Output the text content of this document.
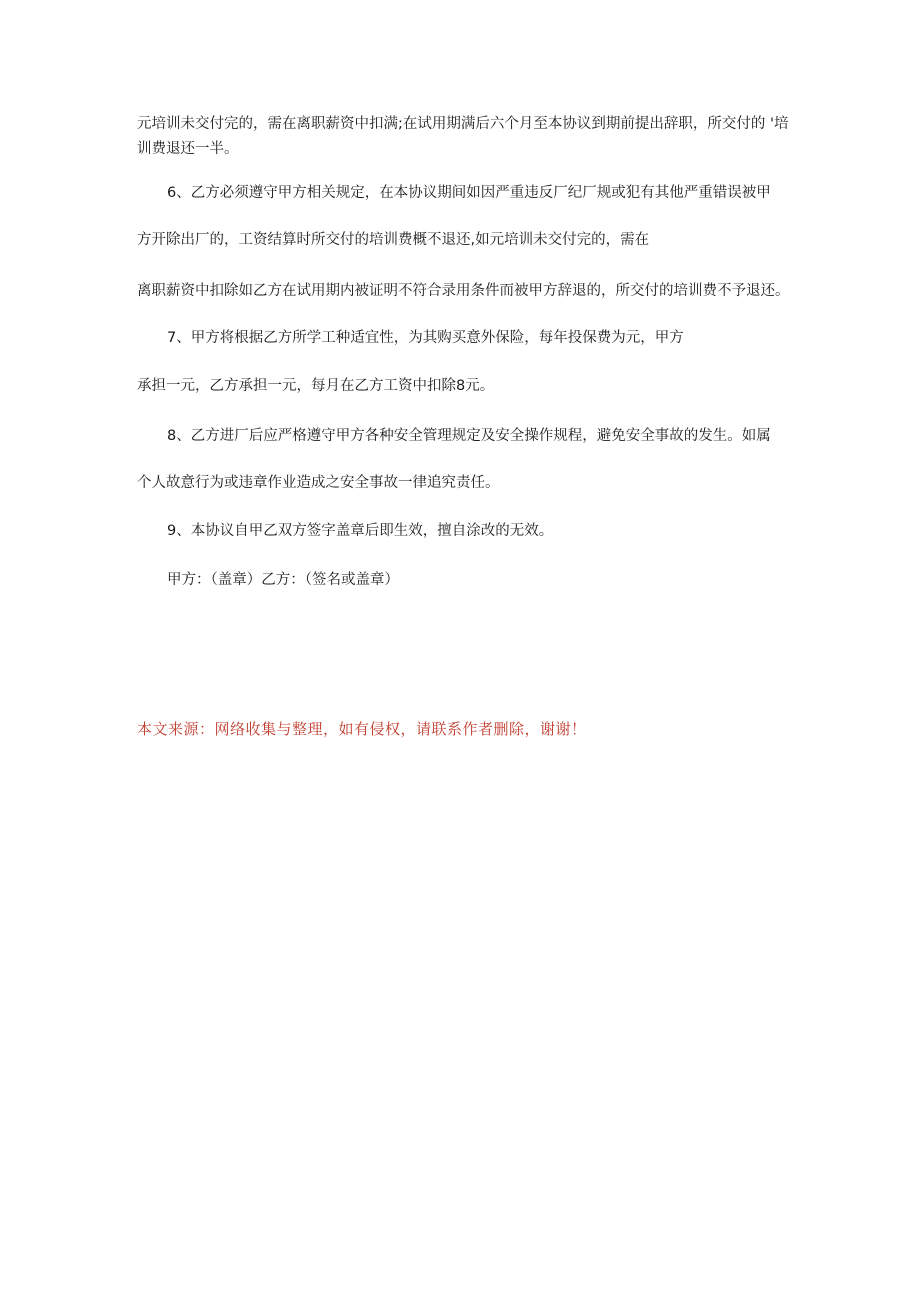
元培训未交付完的，需在离职薪资中扣满;在试用期满后六个月至本协议到期前提出辞职，所交付的 '培
训费退还一半。
6、乙方必须遵守甲方相关规定，在本协议期间如因严重违反厂纪厂规或犯有其他严重错误被甲
方开除出厂的，工资结算时所交付的培训费概不退还,如元培训未交付完的，需在
离职薪资中扣除如乙方在试用期内被证明不符合录用条件而被甲方辞退的，所交付的培训费不予退还。
7、甲方将根据乙方所学工种适宜性，为其购买意外保险，每年投保费为元，甲方
承担一元，乙方承担一元，每月在乙方工资中扣除8元。
8、乙方进厂后应严格遵守甲方各种安全管理规定及安全操作规程，避免安全事故的发生。如属
个人故意行为或违章作业造成之安全事故一律追究责任。
9、本协议自甲乙双方签字盖章后即生效，擅自涂改的无效。
甲方：（盖章）乙方：（签名或盖章）
本文来源：网络收集与整理，如有侵权，请联系作者删除，谢谢！
